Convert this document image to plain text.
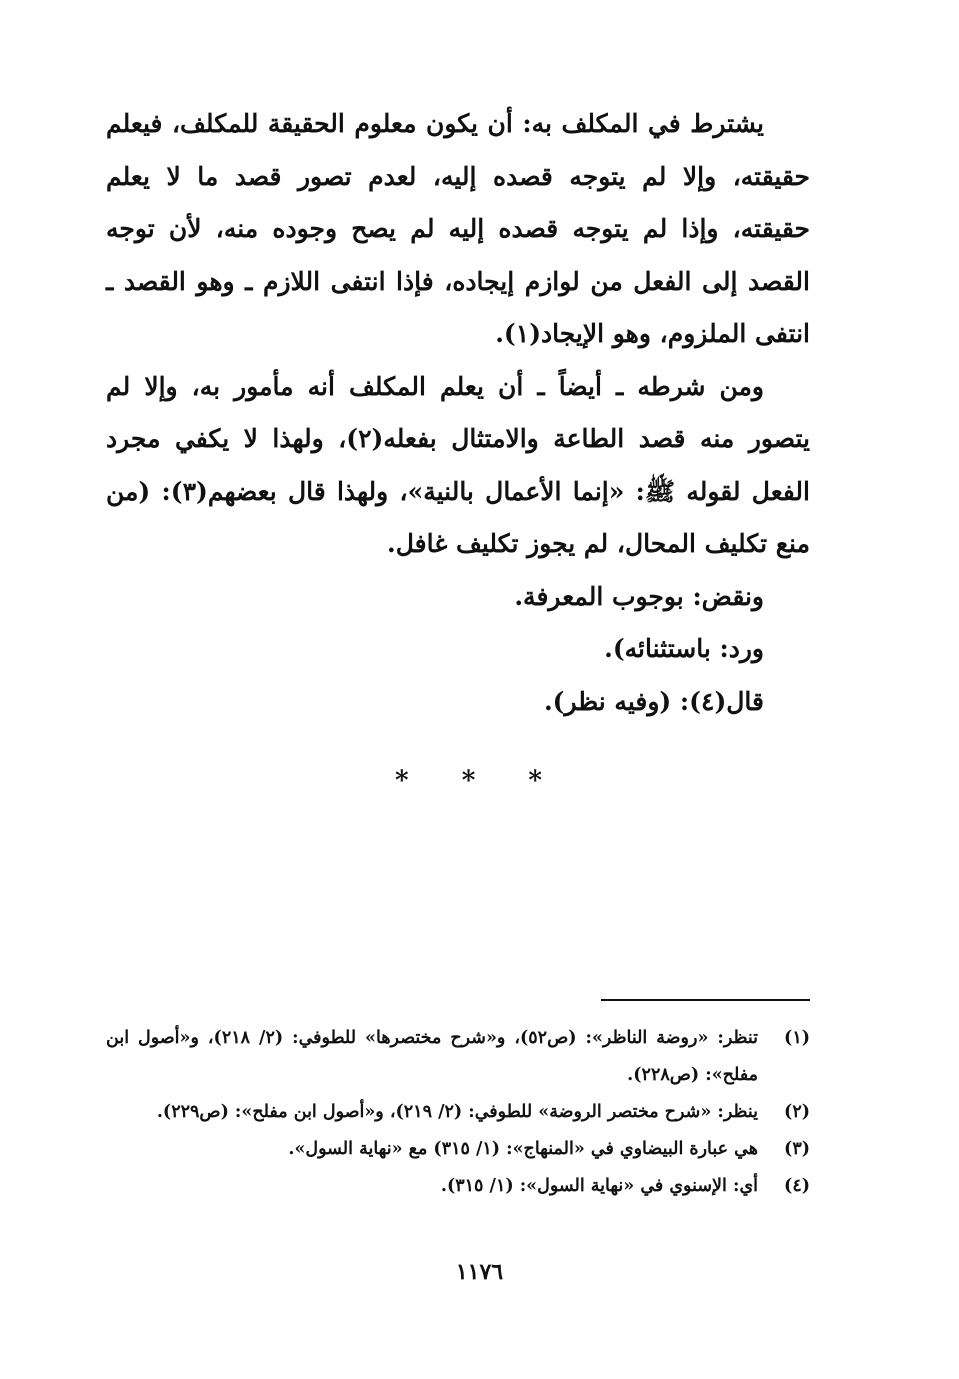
يشترط في المكلف به: أن يكون معلوم الحقيقة للمكلف، فيعلم حقيقته، وإلا لم يتوجه قصده إليه، لعدم تصور قصد ما لا يعلم حقيقته، وإذا لم يتوجه قصده إليه لم يصح وجوده منه، لأن توجه القصد إلى الفعل من لوازم إيجاده، فإذا انتفى اللازم ـ وهو القصد ـ انتفى الملزوم، وهو الإيجاد(١).

ومن شرطه ـ أيضاً ـ أن يعلم المكلف أنه مأمور به، وإلا لم يتصور منه قصد الطاعة والامتثال بفعله(٢)، ولهذا لا يكفي مجرد الفعل لقوله ﷺ: «إنما الأعمال بالنية»، ولهذا قال بعضهم(٣): (من منع تكليف المحال، لم يجوز تكليف غافل.

ونقض: بوجوب المعرفة.

ورد: باستثنائه).

قال(٤): (وفيه نظر).

* * *
(١)
تنظر: «روضة الناظر»: (ص٥٢)، و«شرح مختصرها» للطوفي: (٢/ ٢١٨)، و«أصول ابن مفلح»: (ص٢٢٨).
(٢)
ينظر: «شرح مختصر الروضة» للطوفي: (٢/ ٢١٩)، و«أصول ابن مفلح»: (ص٢٢٩).
(٣)
هي عبارة البيضاوي في «المنهاج»: (١/ ٣١٥) مع «نهاية السول».
(٤)
أي: الإسنوي في «نهاية السول»: (١/ ٣١٥).
١١٧٦
